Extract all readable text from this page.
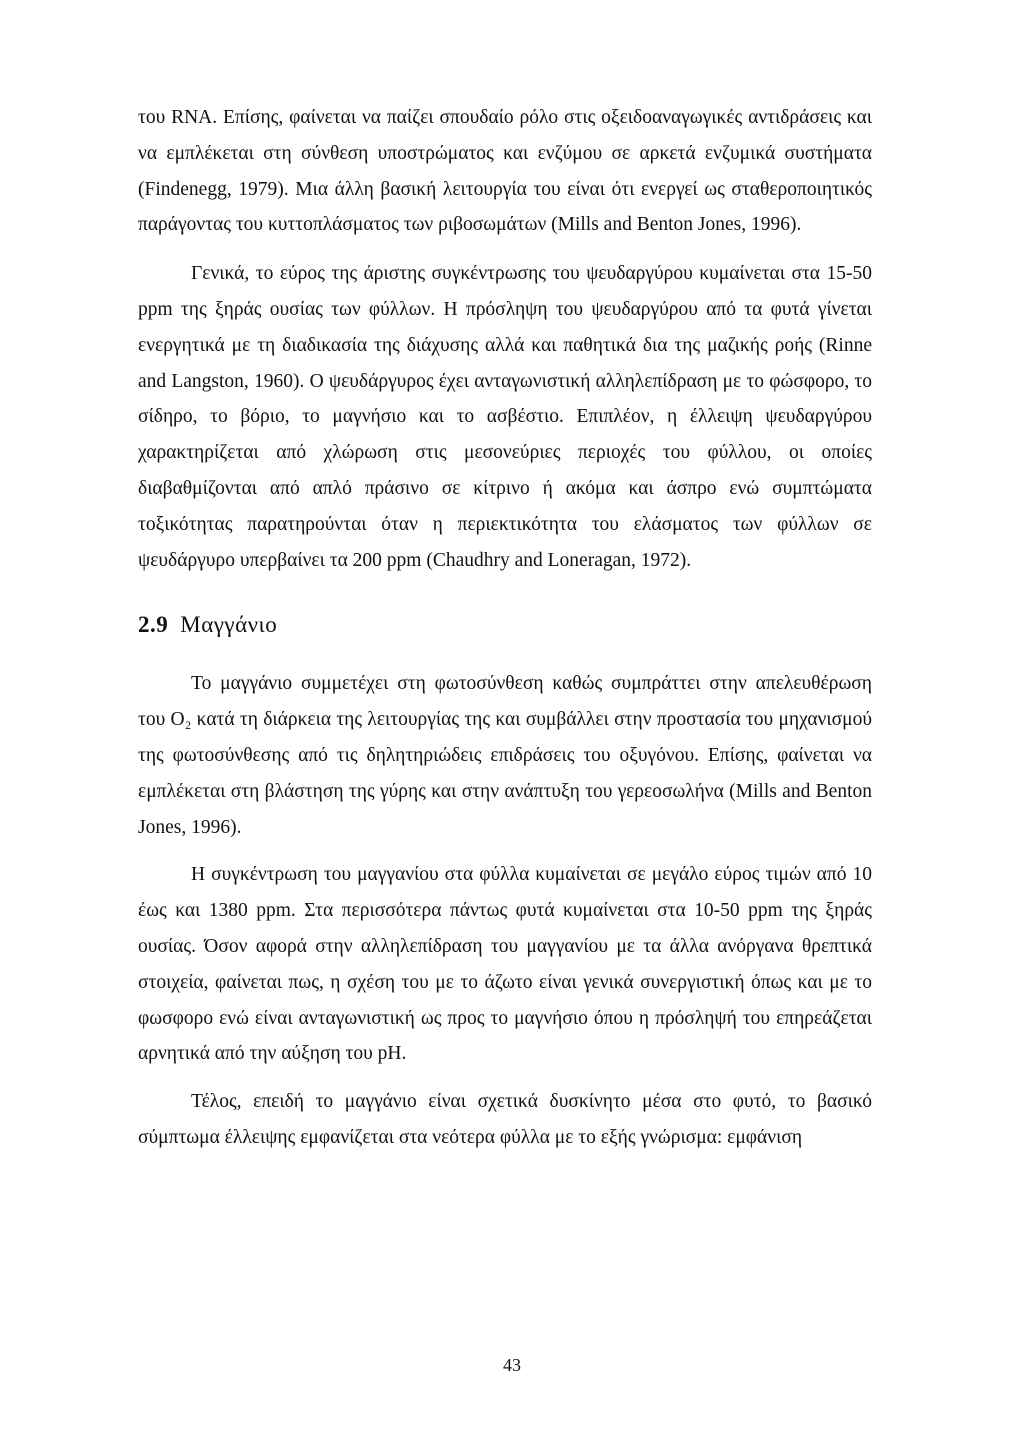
του RNA. Επίσης, φαίνεται να παίζει σπουδαίο ρόλο στις οξειδοαναγωγικές αντιδράσεις και να εμπλέκεται στη σύνθεση υποστρώματος και ενζύμου σε αρκετά ενζυμικά συστήματα (Findenegg, 1979). Μια άλλη βασική λειτουργία του είναι ότι ενεργεί ως σταθεροποιητικός παράγοντας του κυττοπλάσματος των ριβοσωμάτων (Mills and Benton Jones, 1996).

Γενικά, το εύρος της άριστης συγκέντρωσης του ψευδαργύρου κυμαίνεται στα 15-50 ppm της ξηράς ουσίας των φύλλων. Η πρόσληψη του ψευδαργύρου από τα φυτά γίνεται ενεργητικά με τη διαδικασία της διάχυσης αλλά και παθητικά δια της μαζικής ροής (Rinne and Langston, 1960). Ο ψευδάργυρος έχει ανταγωνιστική αλληλεπίδραση με το φώσφορο, το σίδηρο, το βόριο, το μαγνήσιο και το ασβέστιο. Επιπλέον, η έλλειψη ψευδαργύρου χαρακτηρίζεται από χλώρωση στις μεσονεύριες περιοχές του φύλλου, οι οποίες διαβαθμίζονται από απλό πράσινο σε κίτρινο ή ακόμα και άσπρο ενώ συμπτώματα τοξικότητας παρατηρούνται όταν η περιεκτικότητα του ελάσματος των φύλλων σε ψευδάργυρο υπερβαίνει τα 200 ppm (Chaudhry and Loneragan, 1972).

2.9 Μαγγάνιο

Το μαγγάνιο συμμετέχει στη φωτοσύνθεση καθώς συμπράττει στην απελευθέρωση του O₂ κατά τη διάρκεια της λειτουργίας της και συμβάλλει στην προστασία του μηχανισμού της φωτοσύνθεσης από τις δηλητηριώδεις επιδράσεις του οξυγόνου. Επίσης, φαίνεται να εμπλέκεται στη βλάστηση της γύρης και στην ανάπτυξη του γερεοσωλήνα (Mills and Benton Jones, 1996).

Η συγκέντρωση του μαγγανίου στα φύλλα κυμαίνεται σε μεγάλο εύρος τιμών από 10 έως και 1380 ppm. Στα περισσότερα πάντως φυτά κυμαίνεται στα 10-50 ppm της ξηράς ουσίας. Όσον αφορά στην αλληλεπίδραση του μαγγανίου με τα άλλα ανόργανα θρεπτικά στοιχεία, φαίνεται πως, η σχέση του με το άζωτο είναι γενικά συνεργιστική όπως και με το φωσφορο ενώ είναι ανταγωνιστική ως προς το μαγνήσιο όπου η πρόσληψή του επηρεάζεται αρνητικά από την αύξηση του pH.

Τέλος, επειδή το μαγγάνιο είναι σχετικά δυσκίνητο μέσα στο φυτό, το βασικό σύμπτωμα έλλειψης εμφανίζεται στα νεότερα φύλλα με το εξής γνώρισμα: εμφάνιση

43
